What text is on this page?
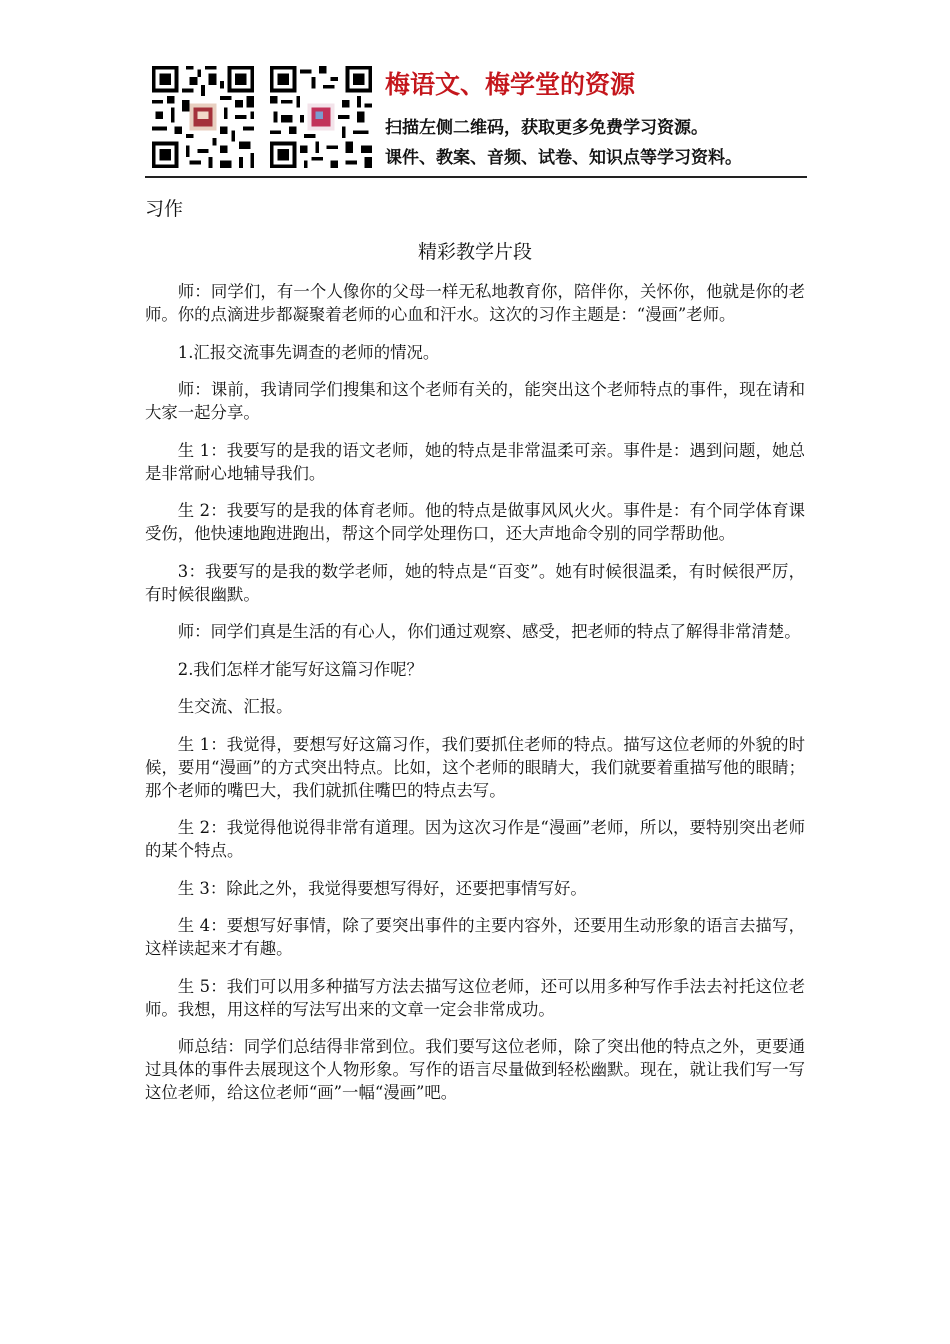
梅语文、梅学堂的资源
扫描左侧二维码，获取更多免费学习资源。
课件、教案、音频、试卷、知识点等学习资料。

习作

精彩教学片段

师：同学们，有一个人像你的父母一样无私地教育你，陪伴你，关怀你，他就是你的老师。你的点滴进步都凝聚着老师的心血和汗水。这次的习作主题是：“漫画”老师。

1.汇报交流事先调查的老师的情况。

师：课前，我请同学们搜集和这个老师有关的，能突出这个老师特点的事件，现在请和大家一起分享。

生 1：我要写的是我的语文老师，她的特点是非常温柔可亲。事件是：遇到问题，她总是非常耐心地辅导我们。

生 2：我要写的是我的体育老师。他的特点是做事风风火火。事件是：有个同学体育课受伤，他快速地跑进跑出，帮这个同学处理伤口，还大声地命令别的同学帮助他。

3：我要写的是我的数学老师，她的特点是“百变”。她有时候很温柔，有时候很严厉，有时候很幽默。

师：同学们真是生活的有心人，你们通过观察、感受，把老师的特点了解得非常清楚。

2.我们怎样才能写好这篇习作呢？

生交流、汇报。

生 1：我觉得，要想写好这篇习作，我们要抓住老师的特点。描写这位老师的外貌的时候，要用“漫画”的方式突出特点。比如，这个老师的眼睛大，我们就要着重描写他的眼睛；那个老师的嘴巴大，我们就抓住嘴巴的特点去写。

生 2：我觉得他说得非常有道理。因为这次习作是“漫画”老师，所以，要特别突出老师的某个特点。

生 3：除此之外，我觉得要想写得好，还要把事情写好。

生 4：要想写好事情，除了要突出事件的主要内容外，还要用生动形象的语言去描写，这样读起来才有趣。

生 5：我们可以用多种描写方法去描写这位老师，还可以用多种写作手法去衬托这位老师。我想，用这样的写法写出来的文章一定会非常成功。

师总结：同学们总结得非常到位。我们要写这位老师，除了突出他的特点之外，更要通过具体的事件去展现这个人物形象。写作的语言尽量做到轻松幽默。现在，就让我们写一写这位老师，给这位老师“画”一幅“漫画”吧。
